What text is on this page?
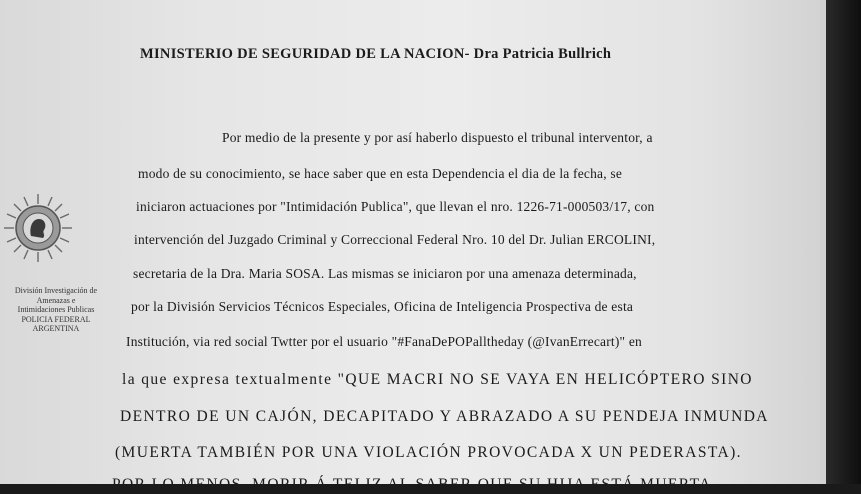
MINISTERIO DE SEGURIDAD DE LA NACION- Dra Patricia Bullrich
Por medio de la presente y por así haberlo dispuesto el tribunal interventor, a
modo de su conocimiento, se hace saber que en esta Dependencia el dia de la fecha, se
iniciaron actuaciones por "Intimidación Publica", que llevan el nro. 1226-71-000503/17, con
intervención del Juzgado Criminal y Correccional Federal Nro. 10 del Dr. Julian ERCOLINI,
secretaria de la Dra. Maria SOSA. Las mismas se iniciaron por una amenaza determinada,
por la División Servicios Técnicos Especiales, Oficina de Inteligencia Prospectiva de esta
Institución, via red social Twtter por el usuario "#FanaDePOPalltheday (@IvanErrecart)" en
la que expresa textualmente "QUE MACRI NO SE VAYA EN HELICÓPTERO SINO
DENTRO DE UN CAJÓN, DECAPITADO Y ABRAZADO A SU PENDEJA INMUNDA
(MUERTA TAMBIÉN POR UNA VIOLACIÓN PROVOCADA X UN PEDERASTA).
POR LO MENOS, MORIR Á TELIZ AL SABER QUE SU HIJA ESTÁ MUERTA
División Investigación de
Amenazas e
Intimidaciones Publicas
POLICIA FEDERAL
ARGENTINA
